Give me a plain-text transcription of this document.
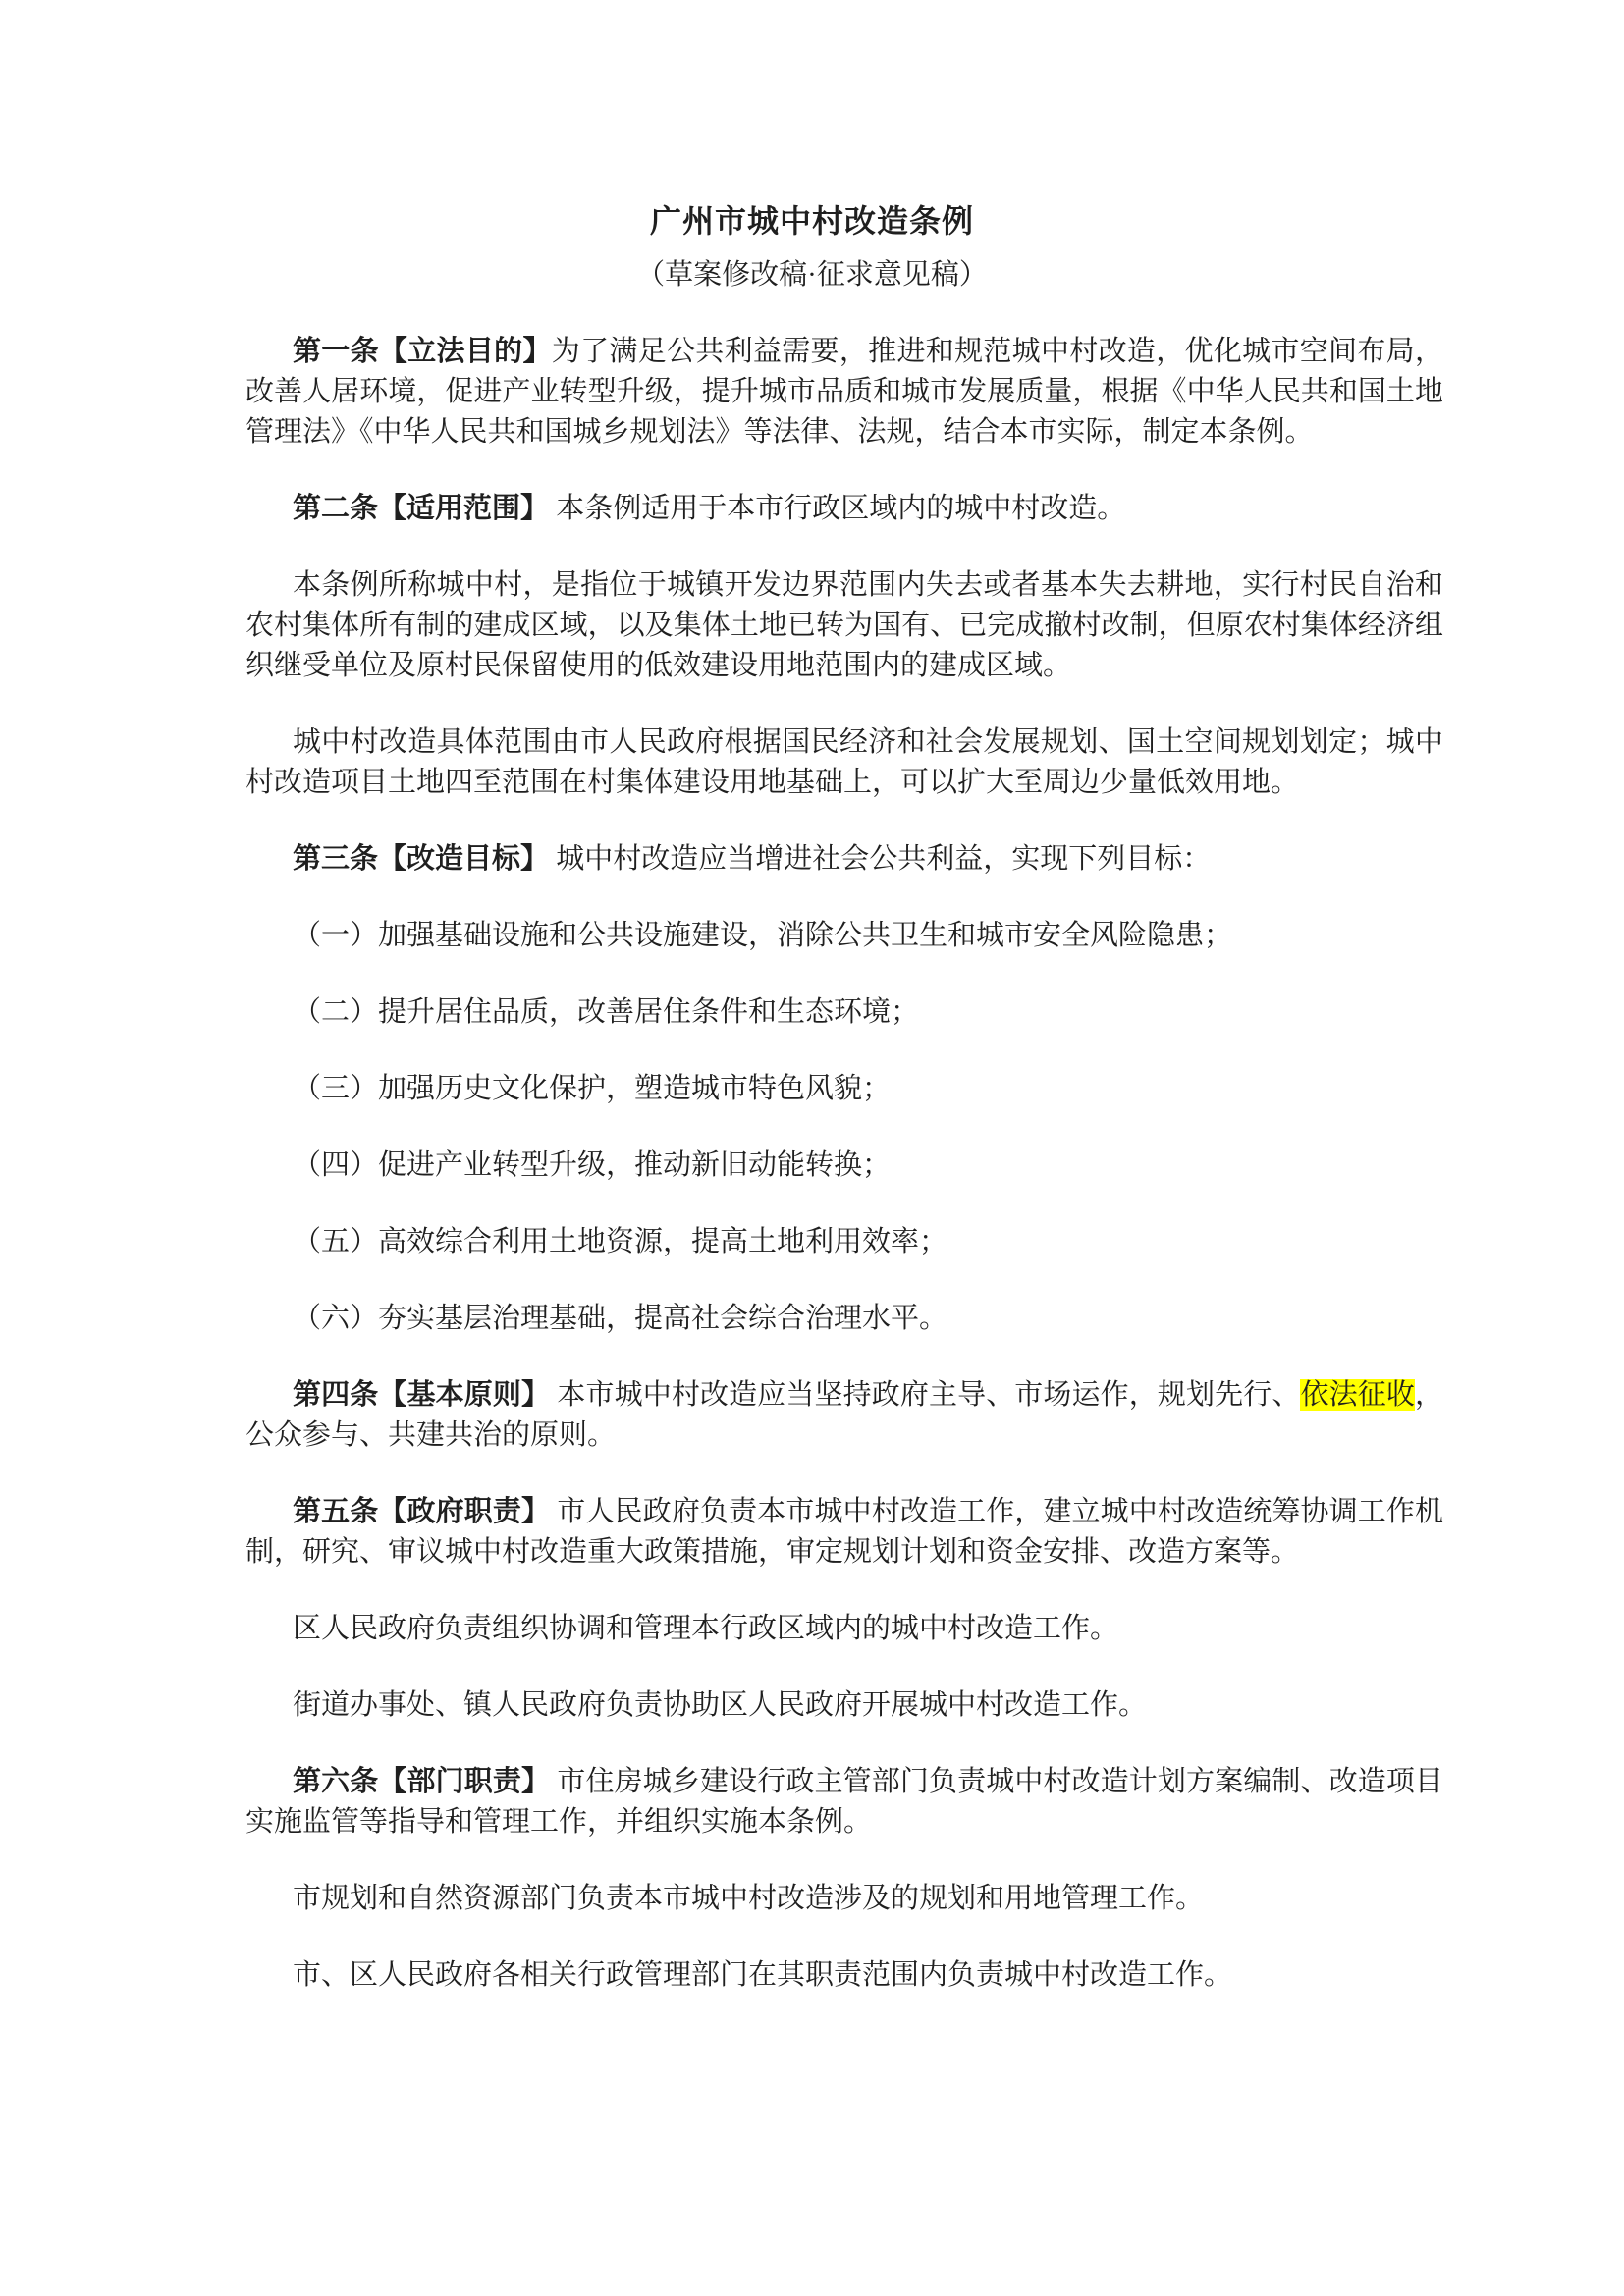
广州市城中村改造条例
（草案修改稿·征求意见稿）

第一条【立法目的】为了满足公共利益需要，推进和规范城中村改造，优化城市空间布局，改善人居环境，促进产业转型升级，提升城市品质和城市发展质量，根据《中华人民共和国土地管理法》《中华人民共和国城乡规划法》等法律、法规，结合本市实际，制定本条例。

第二条【适用范围】 本条例适用于本市行政区域内的城中村改造。

本条例所称城中村，是指位于城镇开发边界范围内失去或者基本失去耕地，实行村民自治和农村集体所有制的建成区域，以及集体土地已转为国有、已完成撤村改制，但原农村集体经济组织继受单位及原村民保留使用的低效建设用地范围内的建成区域。

城中村改造具体范围由市人民政府根据国民经济和社会发展规划、国土空间规划划定；城中村改造项目土地四至范围在村集体建设用地基础上，可以扩大至周边少量低效用地。

第三条【改造目标】 城中村改造应当增进社会公共利益，实现下列目标：

（一）加强基础设施和公共设施建设，消除公共卫生和城市安全风险隐患；

（二）提升居住品质，改善居住条件和生态环境；

（三）加强历史文化保护，塑造城市特色风貌；

（四）促进产业转型升级，推动新旧动能转换；

（五）高效综合利用土地资源，提高土地利用效率；

（六）夯实基层治理基础，提高社会综合治理水平。

第四条【基本原则】 本市城中村改造应当坚持政府主导、市场运作，规划先行、依法征收，公众参与、共建共治的原则。

第五条【政府职责】 市人民政府负责本市城中村改造工作，建立城中村改造统筹协调工作机制，研究、审议城中村改造重大政策措施，审定规划计划和资金安排、改造方案等。

区人民政府负责组织协调和管理本行政区域内的城中村改造工作。

街道办事处、镇人民政府负责协助区人民政府开展城中村改造工作。

第六条【部门职责】 市住房城乡建设行政主管部门负责城中村改造计划方案编制、改造项目实施监管等指导和管理工作，并组织实施本条例。

市规划和自然资源部门负责本市城中村改造涉及的规划和用地管理工作。

市、区人民政府各相关行政管理部门在其职责范围内负责城中村改造工作。
